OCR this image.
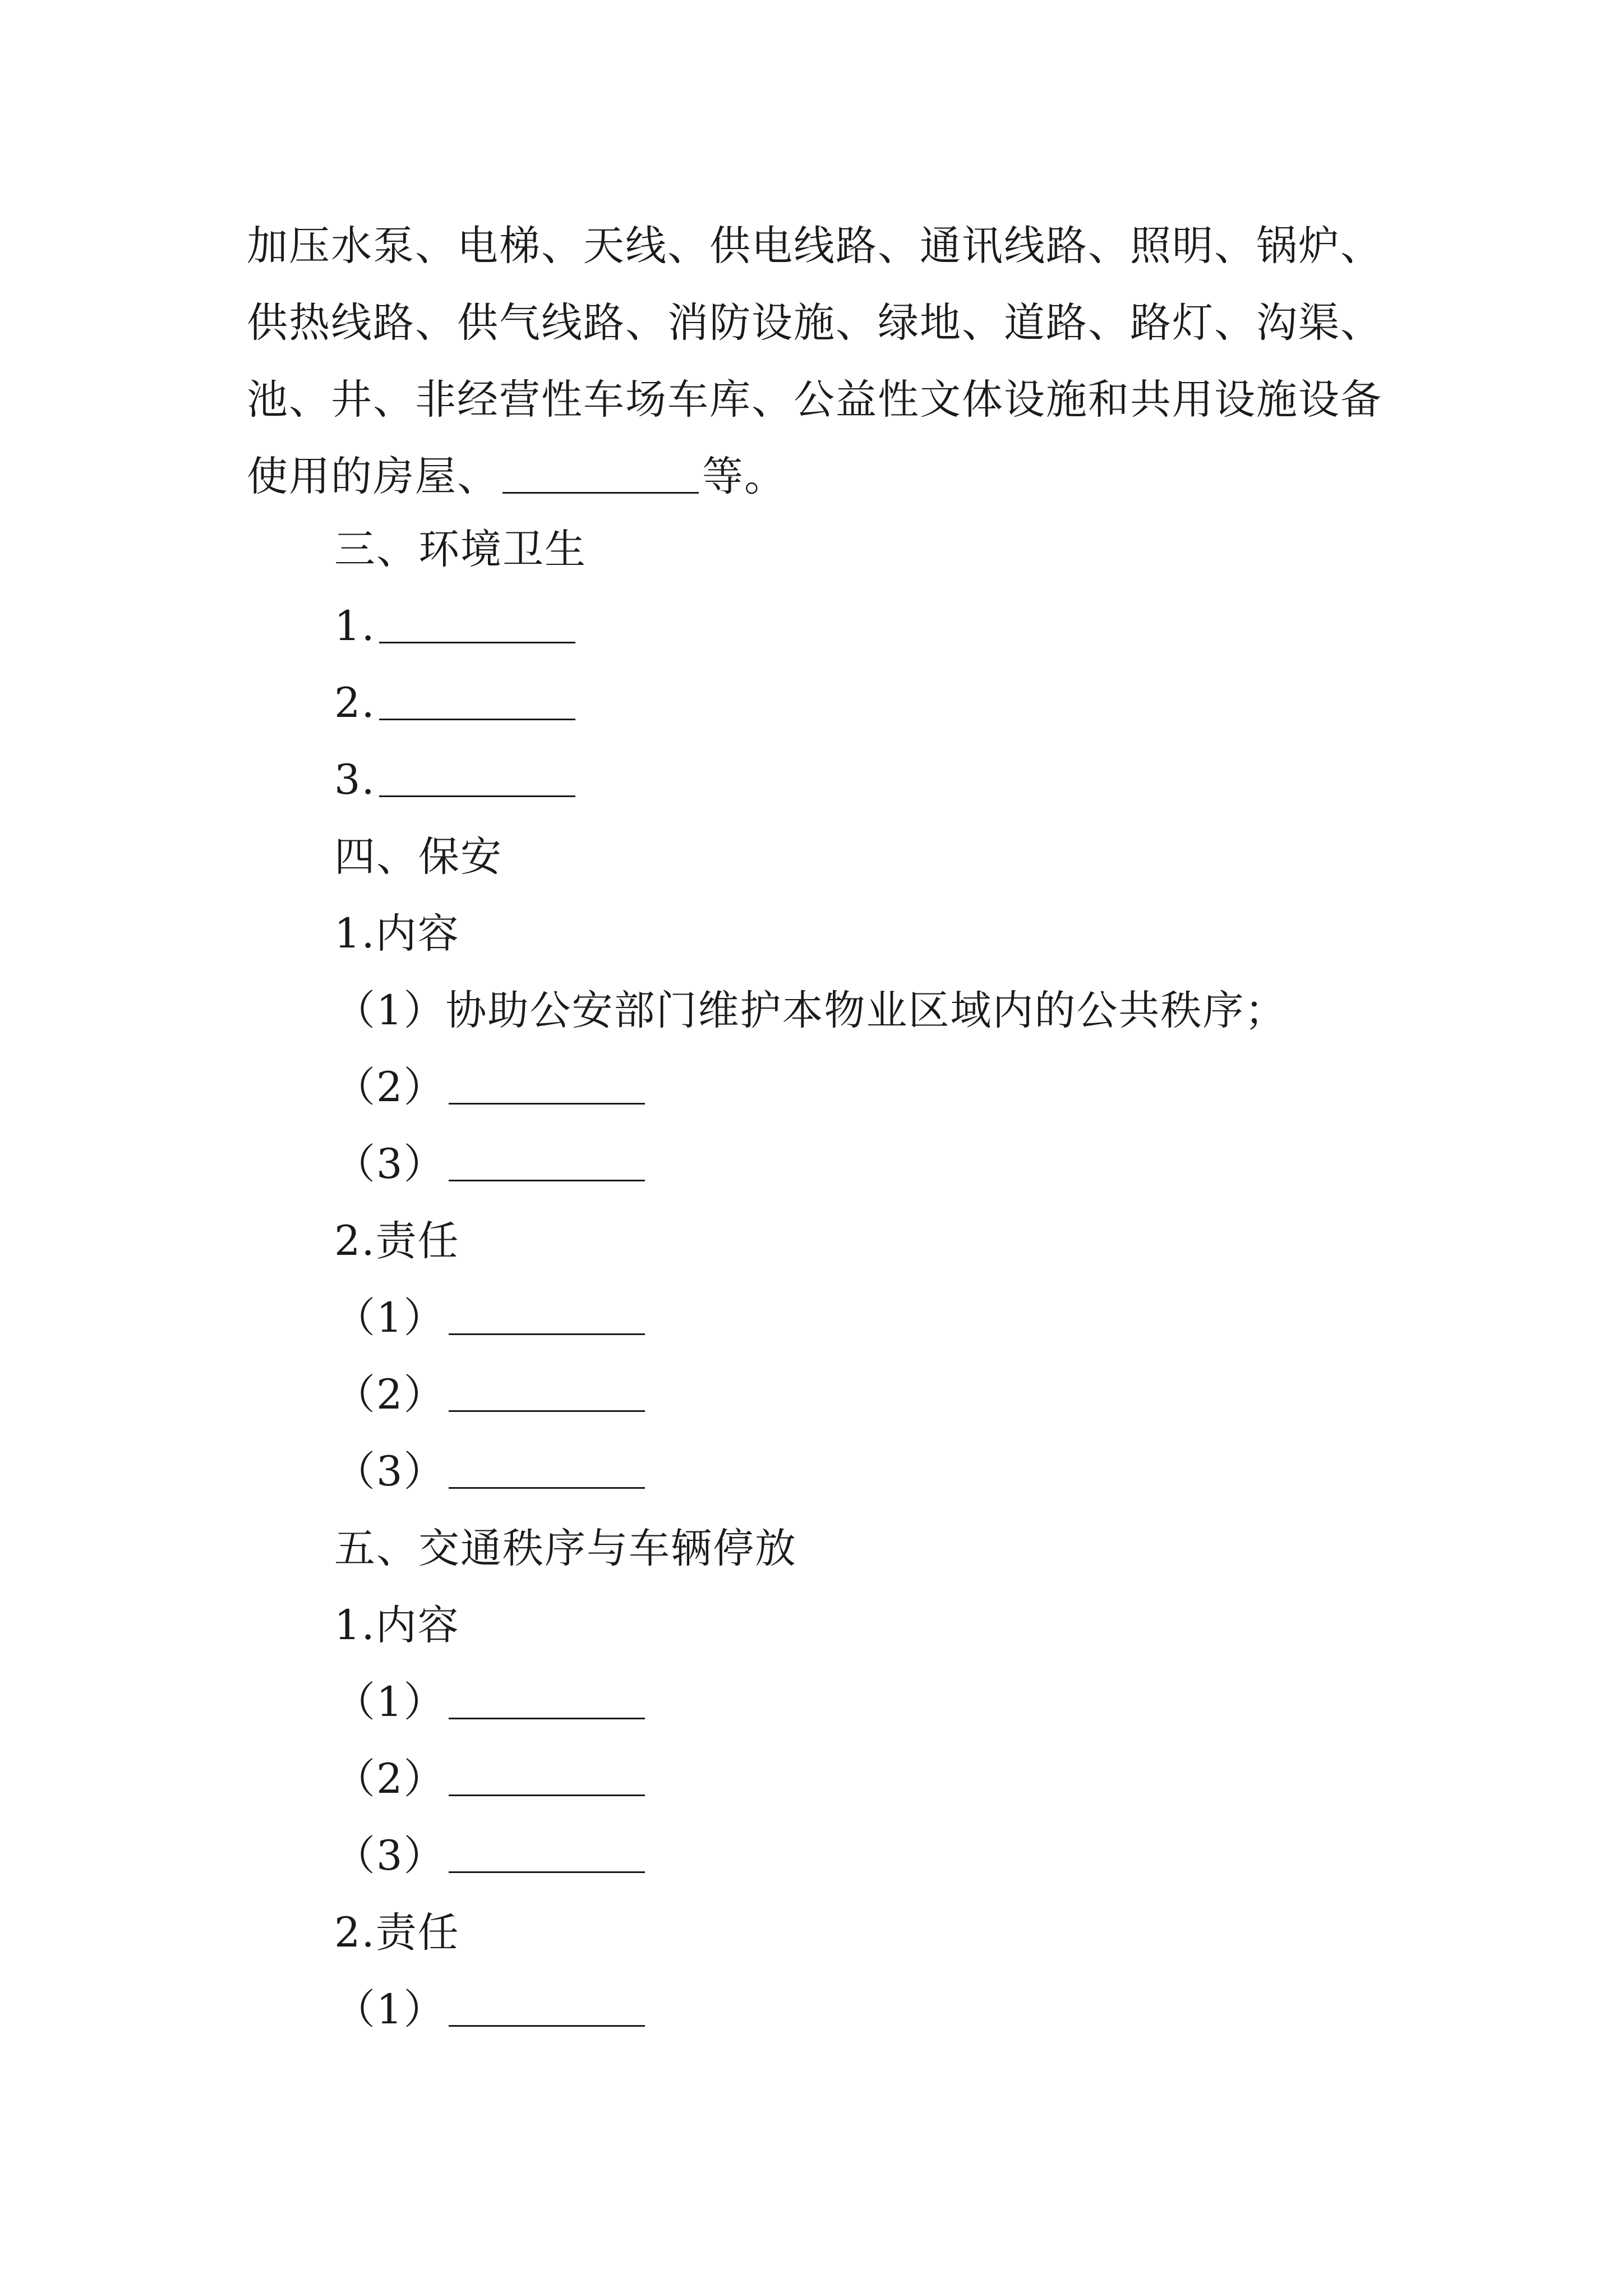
加压水泵、电梯、天线、供电线路、通讯线路、照明、锅炉、供热线路、供气线路、消防设施、绿地、道路、路灯、沟渠、池、井、非经营性车场车库、公益性文体设施和共用设施设备使用的房屋、	等。

三、环境卫生

1.

2.

3.

四、保安

1.内容

（1）协助公安部门维护本物业区域内的公共秩序；

（2）

（3）

2.责任

（1）

（2）

（3）

五、交通秩序与车辆停放

1.内容

（1）

（2）

（3）

2.责任

（1）
